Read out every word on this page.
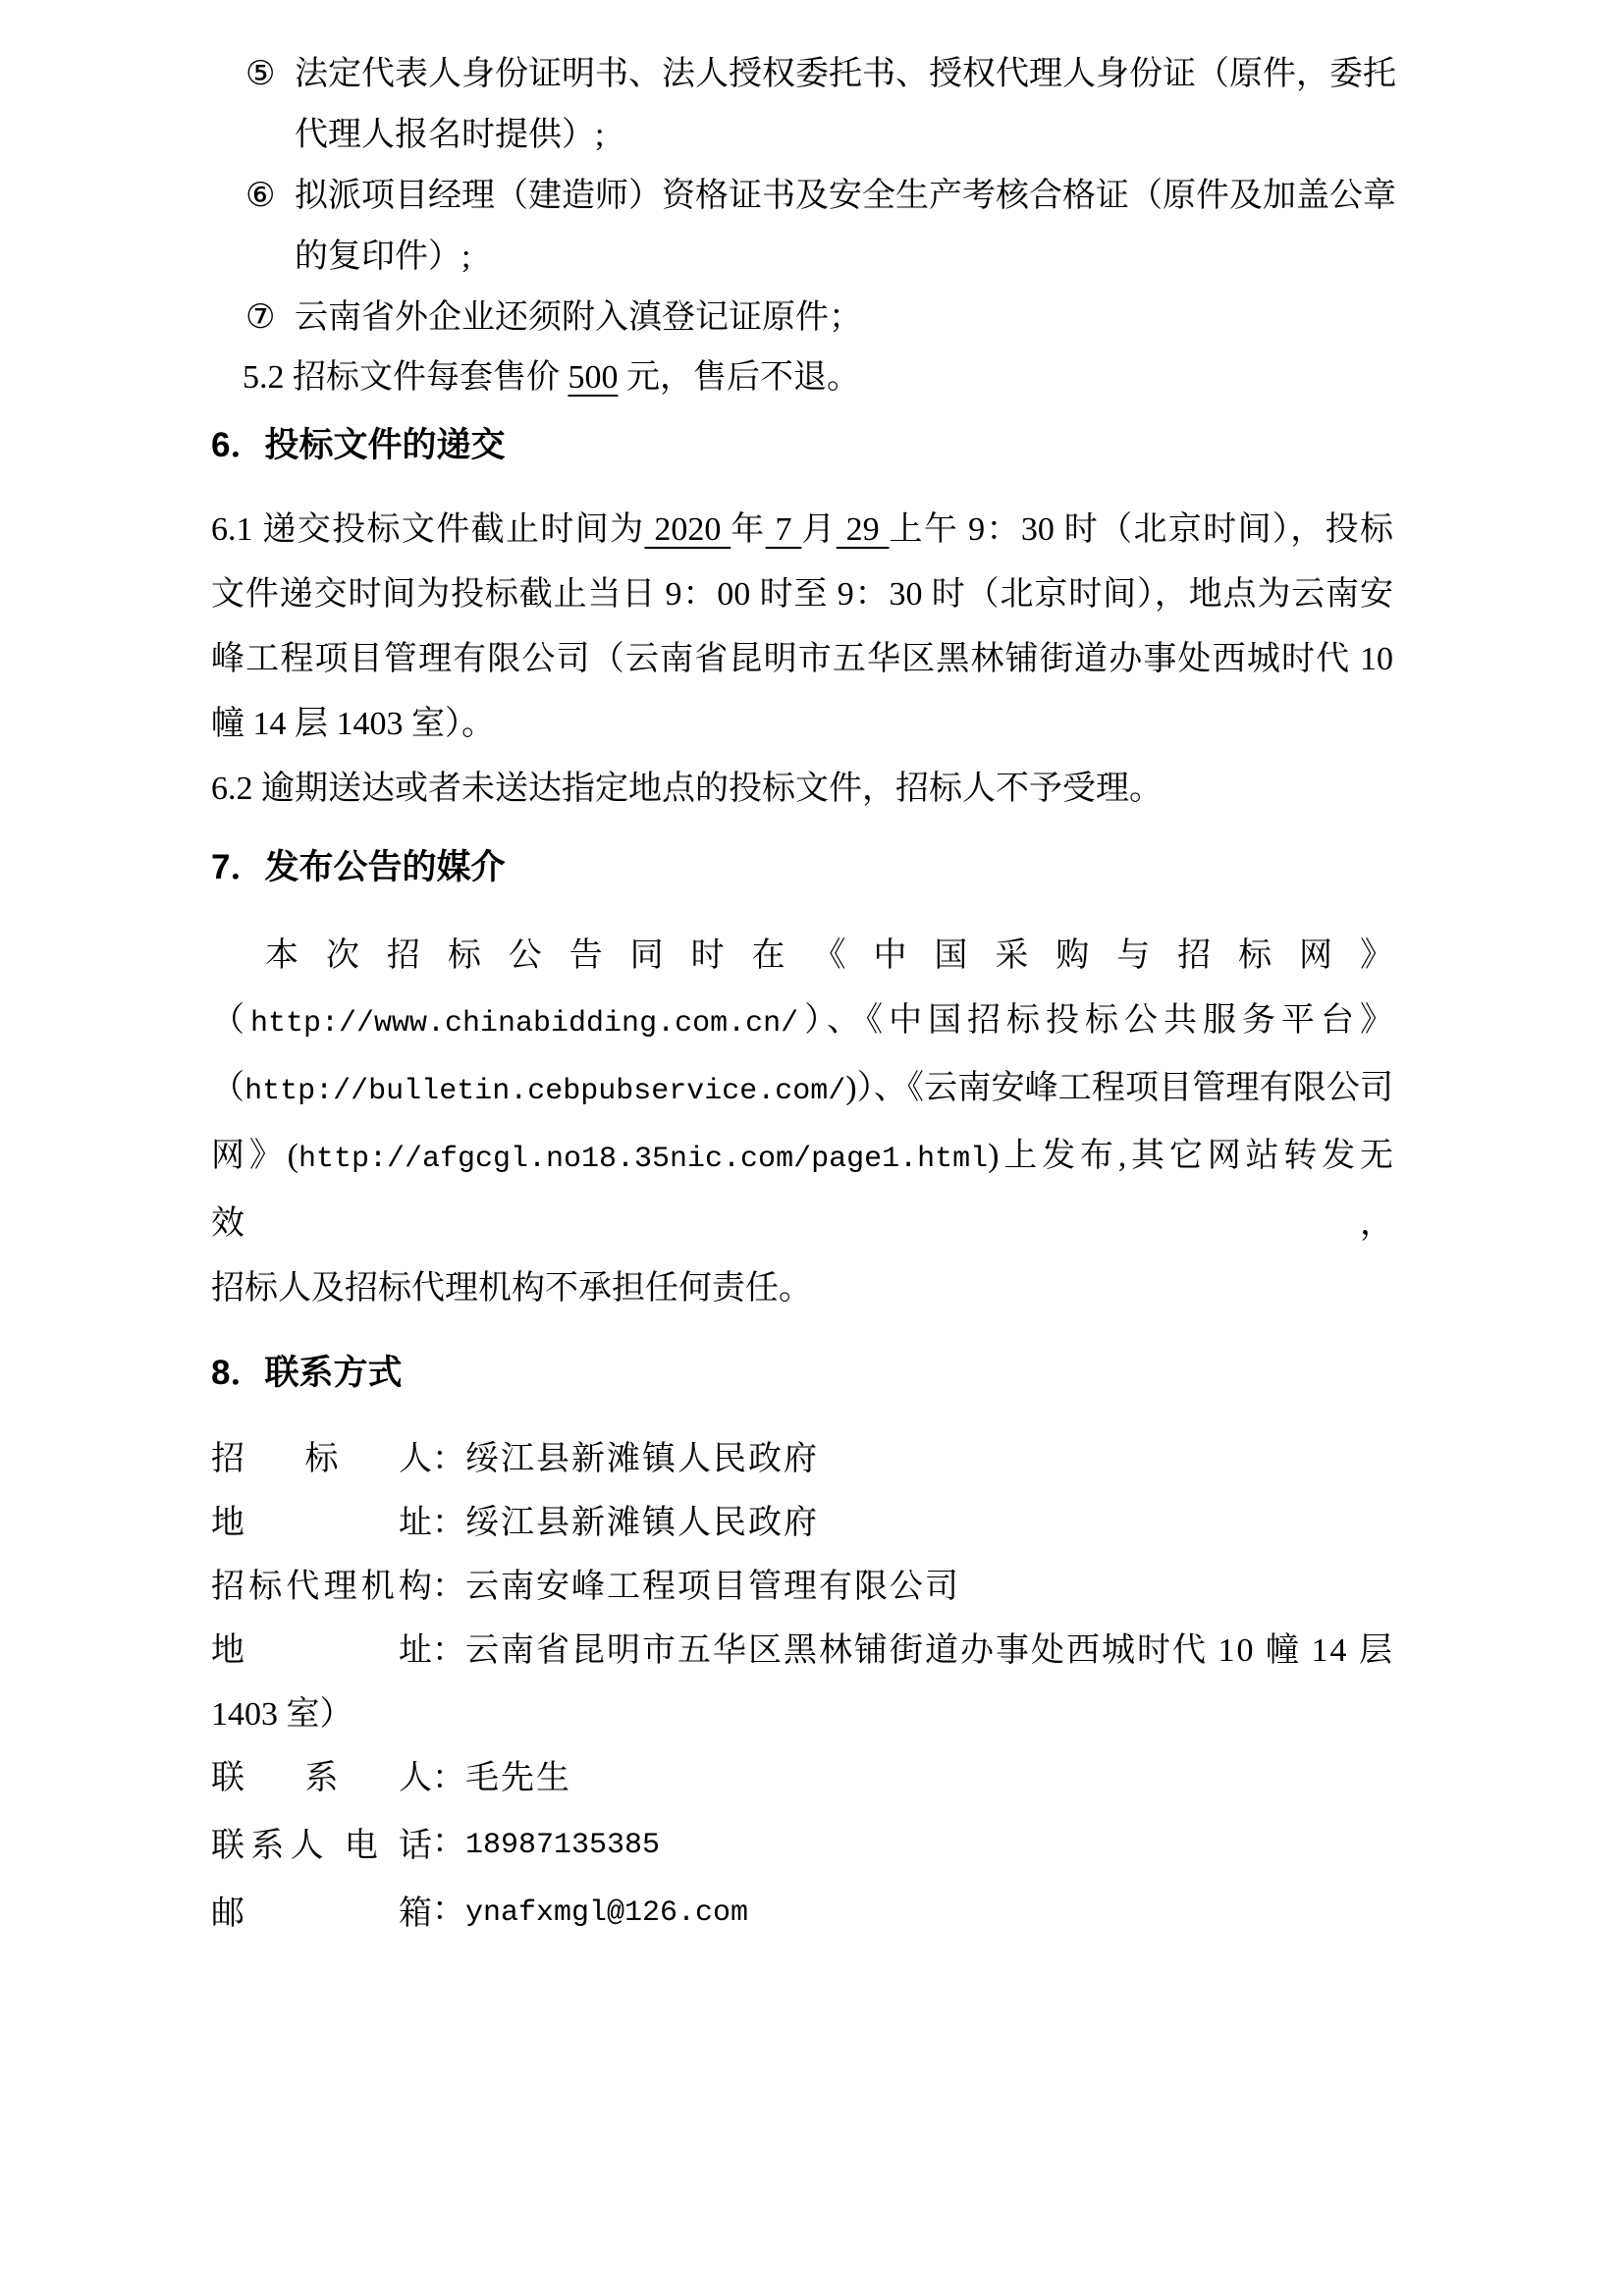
⑤ 法定代表人身份证明书、法人授权委托书、授权代理人身份证（原件，委托
代理人报名时提供）;
⑥ 拟派项目经理（建造师）资格证书及安全生产考核合格证（原件及加盖公章
的复印件）;
⑦ 云南省外企业还须附入滇登记证原件；
5.2 招标文件每套售价 500 元，售后不退。
6．投标文件的递交
6.1 递交投标文件截止时间为 2020 年 7 月 29 上午 9：30 时（北京时间），投标
文件递交时间为投标截止当日 9：00 时至 9：30 时（北京时间），地点为云南安
峰工程项目管理有限公司（云南省昆明市五华区黑林铺街道办事处西城时代 10
幢 14 层 1403 室）。
6.2 逾期送达或者未送达指定地点的投标文件，招标人不予受理。
7．发布公告的媒介
本次招标公告同时在《中国采购与招标网》
（http://www.chinabidding.com.cn/）、《中国招标投标公共服务平台》
（http://bulletin.cebpubservice.com/)）、《云南安峰工程项目管理有限公司
网》(http://afgcgl.no18.35nic.com/page1.html)上发布,其它网站转发无效，
招标人及招标代理机构不承担任何责任。
8．联系方式
招标人：绥江县新滩镇人民政府
地址：绥江县新滩镇人民政府
招标代理机构：云南安峰工程项目管理有限公司
地址：云南省昆明市五华区黑林铺街道办事处西城时代 10 幢 14 层
1403 室）
联系人：毛先生
联系人 电 话：18987135385
邮箱：ynafxmgl@126.com
